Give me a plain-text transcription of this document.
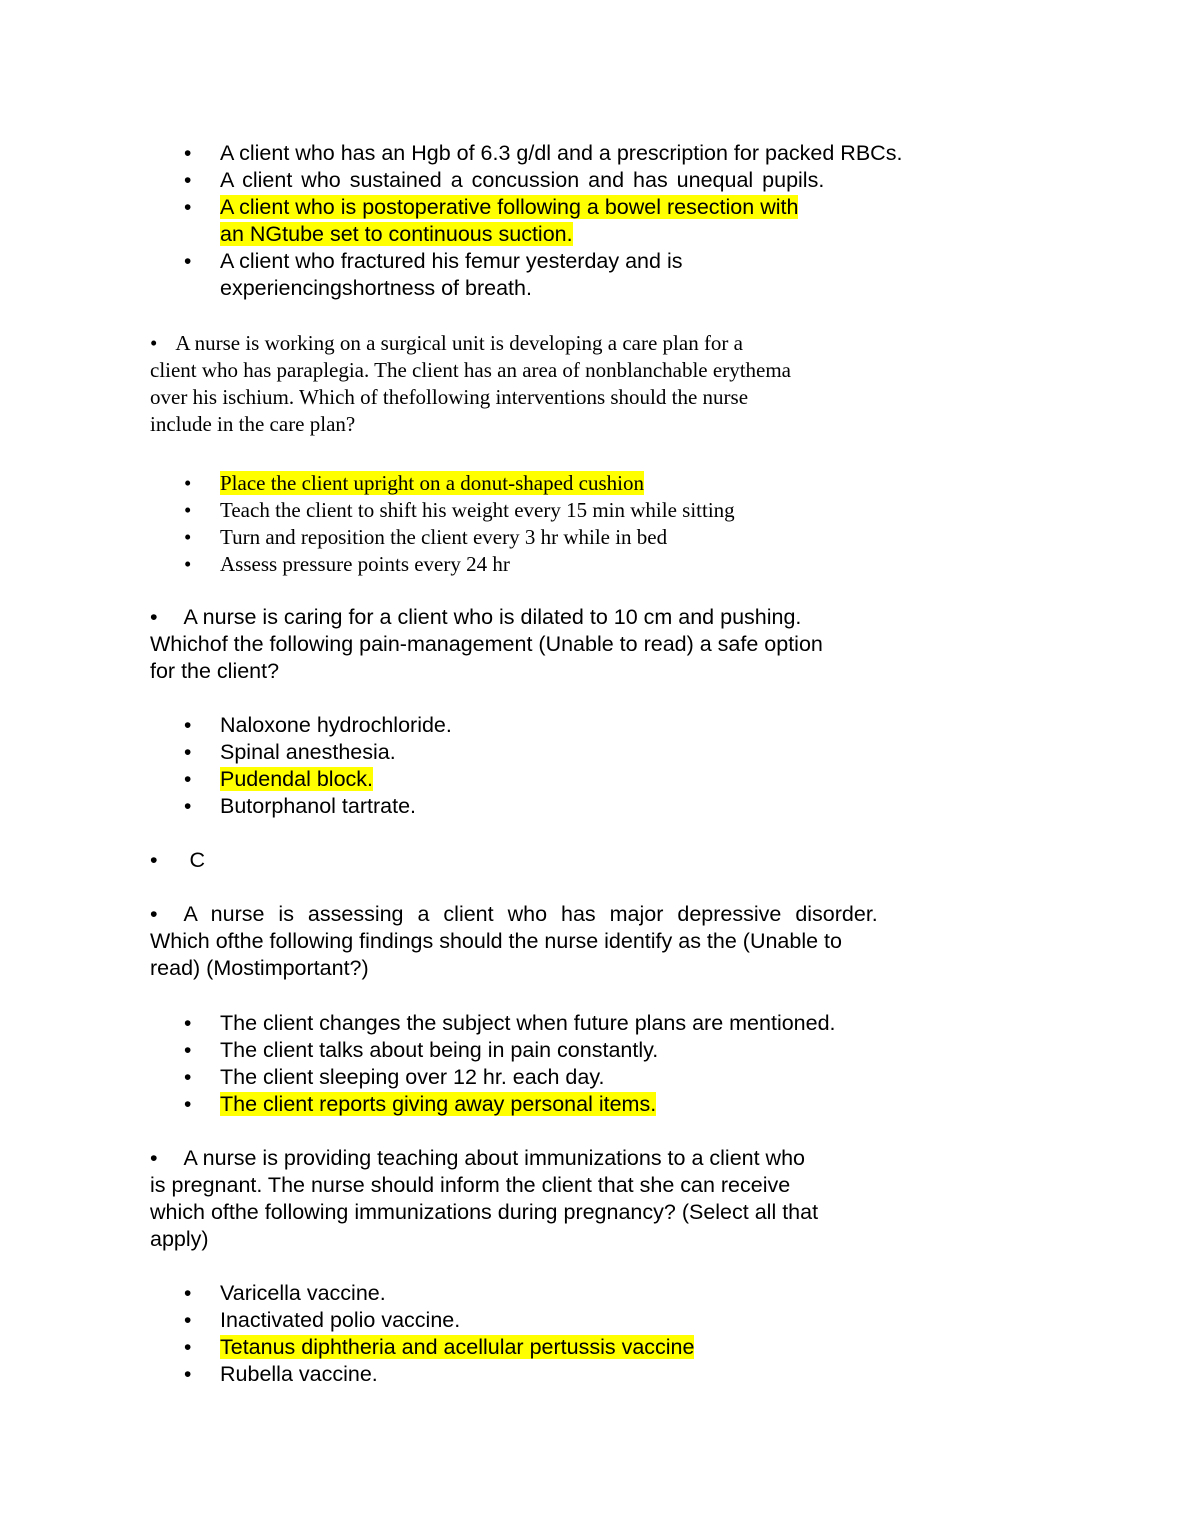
• A client who has an Hgb of 6.3 g/dl and a prescription for packed RBCs.
• A client who sustained a concussion and has unequal pupils.
• A client who is postoperative following a bowel resection with
an NGtube set to continuous suction.
• A client who fractured his femur yesterday and is
experiencingshortness of breath.
• A nurse is working on a surgical unit is developing a care plan for a
client who has paraplegia. The client has an area of nonblanchable erythema
over his ischium. Which of thefollowing interventions should the nurse
include in the care plan?
• Place the client upright on a donut-shaped cushion
• Teach the client to shift his weight every 15 min while sitting
• Turn and reposition the client every 3 hr while in bed
• Assess pressure points every 24 hr
• A nurse is caring for a client who is dilated to 10 cm and pushing.
Whichof the following pain-management (Unable to read) a safe option
for the client?
• Naloxone hydrochloride.
• Spinal anesthesia.
• Pudendal block.
• Butorphanol tartrate.
• C
• A nurse is assessing a client who has major depressive disorder.
Which ofthe following findings should the nurse identify as the (Unable to
read) (Mostimportant?)
• The client changes the subject when future plans are mentioned.
• The client talks about being in pain constantly.
• The client sleeping over 12 hr. each day.
• The client reports giving away personal items.
• A nurse is providing teaching about immunizations to a client who
is pregnant. The nurse should inform the client that she can receive
which ofthe following immunizations during pregnancy? (Select all that
apply)
• Varicella vaccine.
• Inactivated polio vaccine.
• Tetanus diphtheria and acellular pertussis vaccine
• Rubella vaccine.
